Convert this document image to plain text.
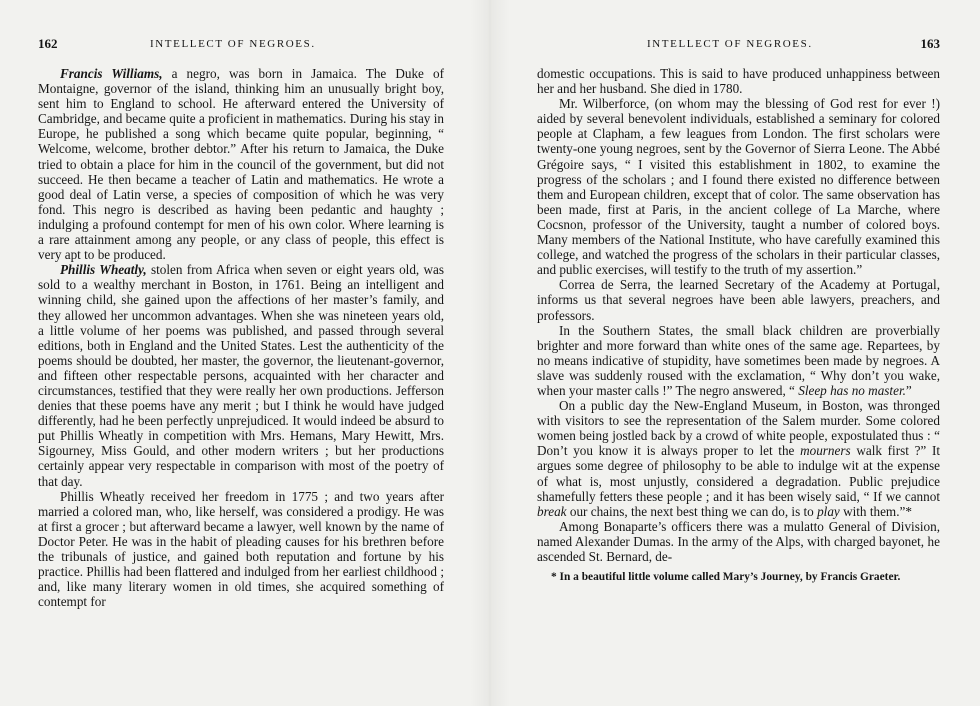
162	INTELLECT OF NEGROES.

Francis Williams, a negro, was born in Jamaica. The Duke of Montaigne, governor of the island, thinking him an unusually bright boy, sent him to England to school. He afterward entered the University of Cambridge, and became quite a proficient in mathematics. During his stay in Europe, he published a song which became quite popular, beginning, “ Welcome, welcome, brother debtor.” After his return to Jamaica, the Duke tried to obtain a place for him in the council of the government, but did not succeed. He then became a teacher of Latin and mathematics. He wrote a good deal of Latin verse, a species of composition of which he was very fond. This negro is described as having been pedantic and haughty ; indulging a profound contempt for men of his own color. Where learning is a rare attainment among any people, or any class of people, this effect is very apt to be produced.

Phillis Wheatly, stolen from Africa when seven or eight years old, was sold to a wealthy merchant in Boston, in 1761. Being an intelligent and winning child, she gained upon the affections of her master’s family, and they allowed her uncommon advantages. When she was nineteen years old, a little volume of her poems was published, and passed through several editions, both in England and the United States. Lest the authenticity of the poems should be doubted, her master, the governor, the lieutenant-governor, and fifteen other respectable persons, acquainted with her character and circumstances, testified that they were really her own productions. Jefferson denies that these poems have any merit ; but I think he would have judged differently, had he been perfectly unprejudiced. It would indeed be absurd to put Phillis Wheatly in competition with Mrs. Hemans, Mary Hewitt, Mrs. Sigourney, Miss Gould, and other modern writers ; but her productions certainly appear very respectable in comparison with most of the poetry of that day.

Phillis Wheatly received her freedom in 1775 ; and two years after married a colored man, who, like herself, was considered a prodigy. He was at first a grocer ; but afterward became a lawyer, well known by the name of Doctor Peter. He was in the habit of pleading causes for his brethren before the tribunals of justice, and gained both reputation and fortune by his practice. Phillis had been flattered and indulged from her earliest childhood ; and, like many literary women in old times, she acquired something of contempt for

INTELLECT OF NEGROES.	163

domestic occupations. This is said to have produced unhappiness between her and her husband. She died in 1780.

Mr. Wilberforce, (on whom may the blessing of God rest for ever !) aided by several benevolent individuals, established a seminary for colored people at Clapham, a few leagues from London. The first scholars were twenty-one young negroes, sent by the Governor of Sierra Leone. The Abbé Grégoire says, “ I visited this establishment in 1802, to examine the progress of the scholars ; and I found there existed no difference between them and European children, except that of color. The same observation has been made, first at Paris, in the ancient college of La Marche, where Cocsnon, professor of the University, taught a number of colored boys. Many members of the National Institute, who have carefully examined this college, and watched the progress of the scholars in their particular classes, and public exercises, will testify to the truth of my assertion.”

Correa de Serra, the learned Secretary of the Academy at Portugal, informs us that several negroes have been able lawyers, preachers, and professors.

In the Southern States, the small black children are proverbially brighter and more forward than white ones of the same age. Repartees, by no means indicative of stupidity, have sometimes been made by negroes. A slave was suddenly roused with the exclamation, “ Why don’t you wake, when your master calls !” The negro answered, “ Sleep has no master.”

On a public day the New-England Museum, in Boston, was thronged with visitors to see the representation of the Salem murder. Some colored women being jostled back by a crowd of white people, expostulated thus : “ Don’t you know it is always proper to let the mourners walk first ?” It argues some degree of philosophy to be able to indulge wit at the expense of what is, most unjustly, considered a degradation. Public prejudice shamefully fetters these people ; and it has been wisely said, “ If we cannot break our chains, the next best thing we can do, is to play with them.”*

Among Bonaparte’s officers there was a mulatto General of Division, named Alexander Dumas. In the army of the Alps, with charged bayonet, he ascended St. Bernard, de-

* In a beautiful little volume called Mary’s Journey, by Francis Graeter.
